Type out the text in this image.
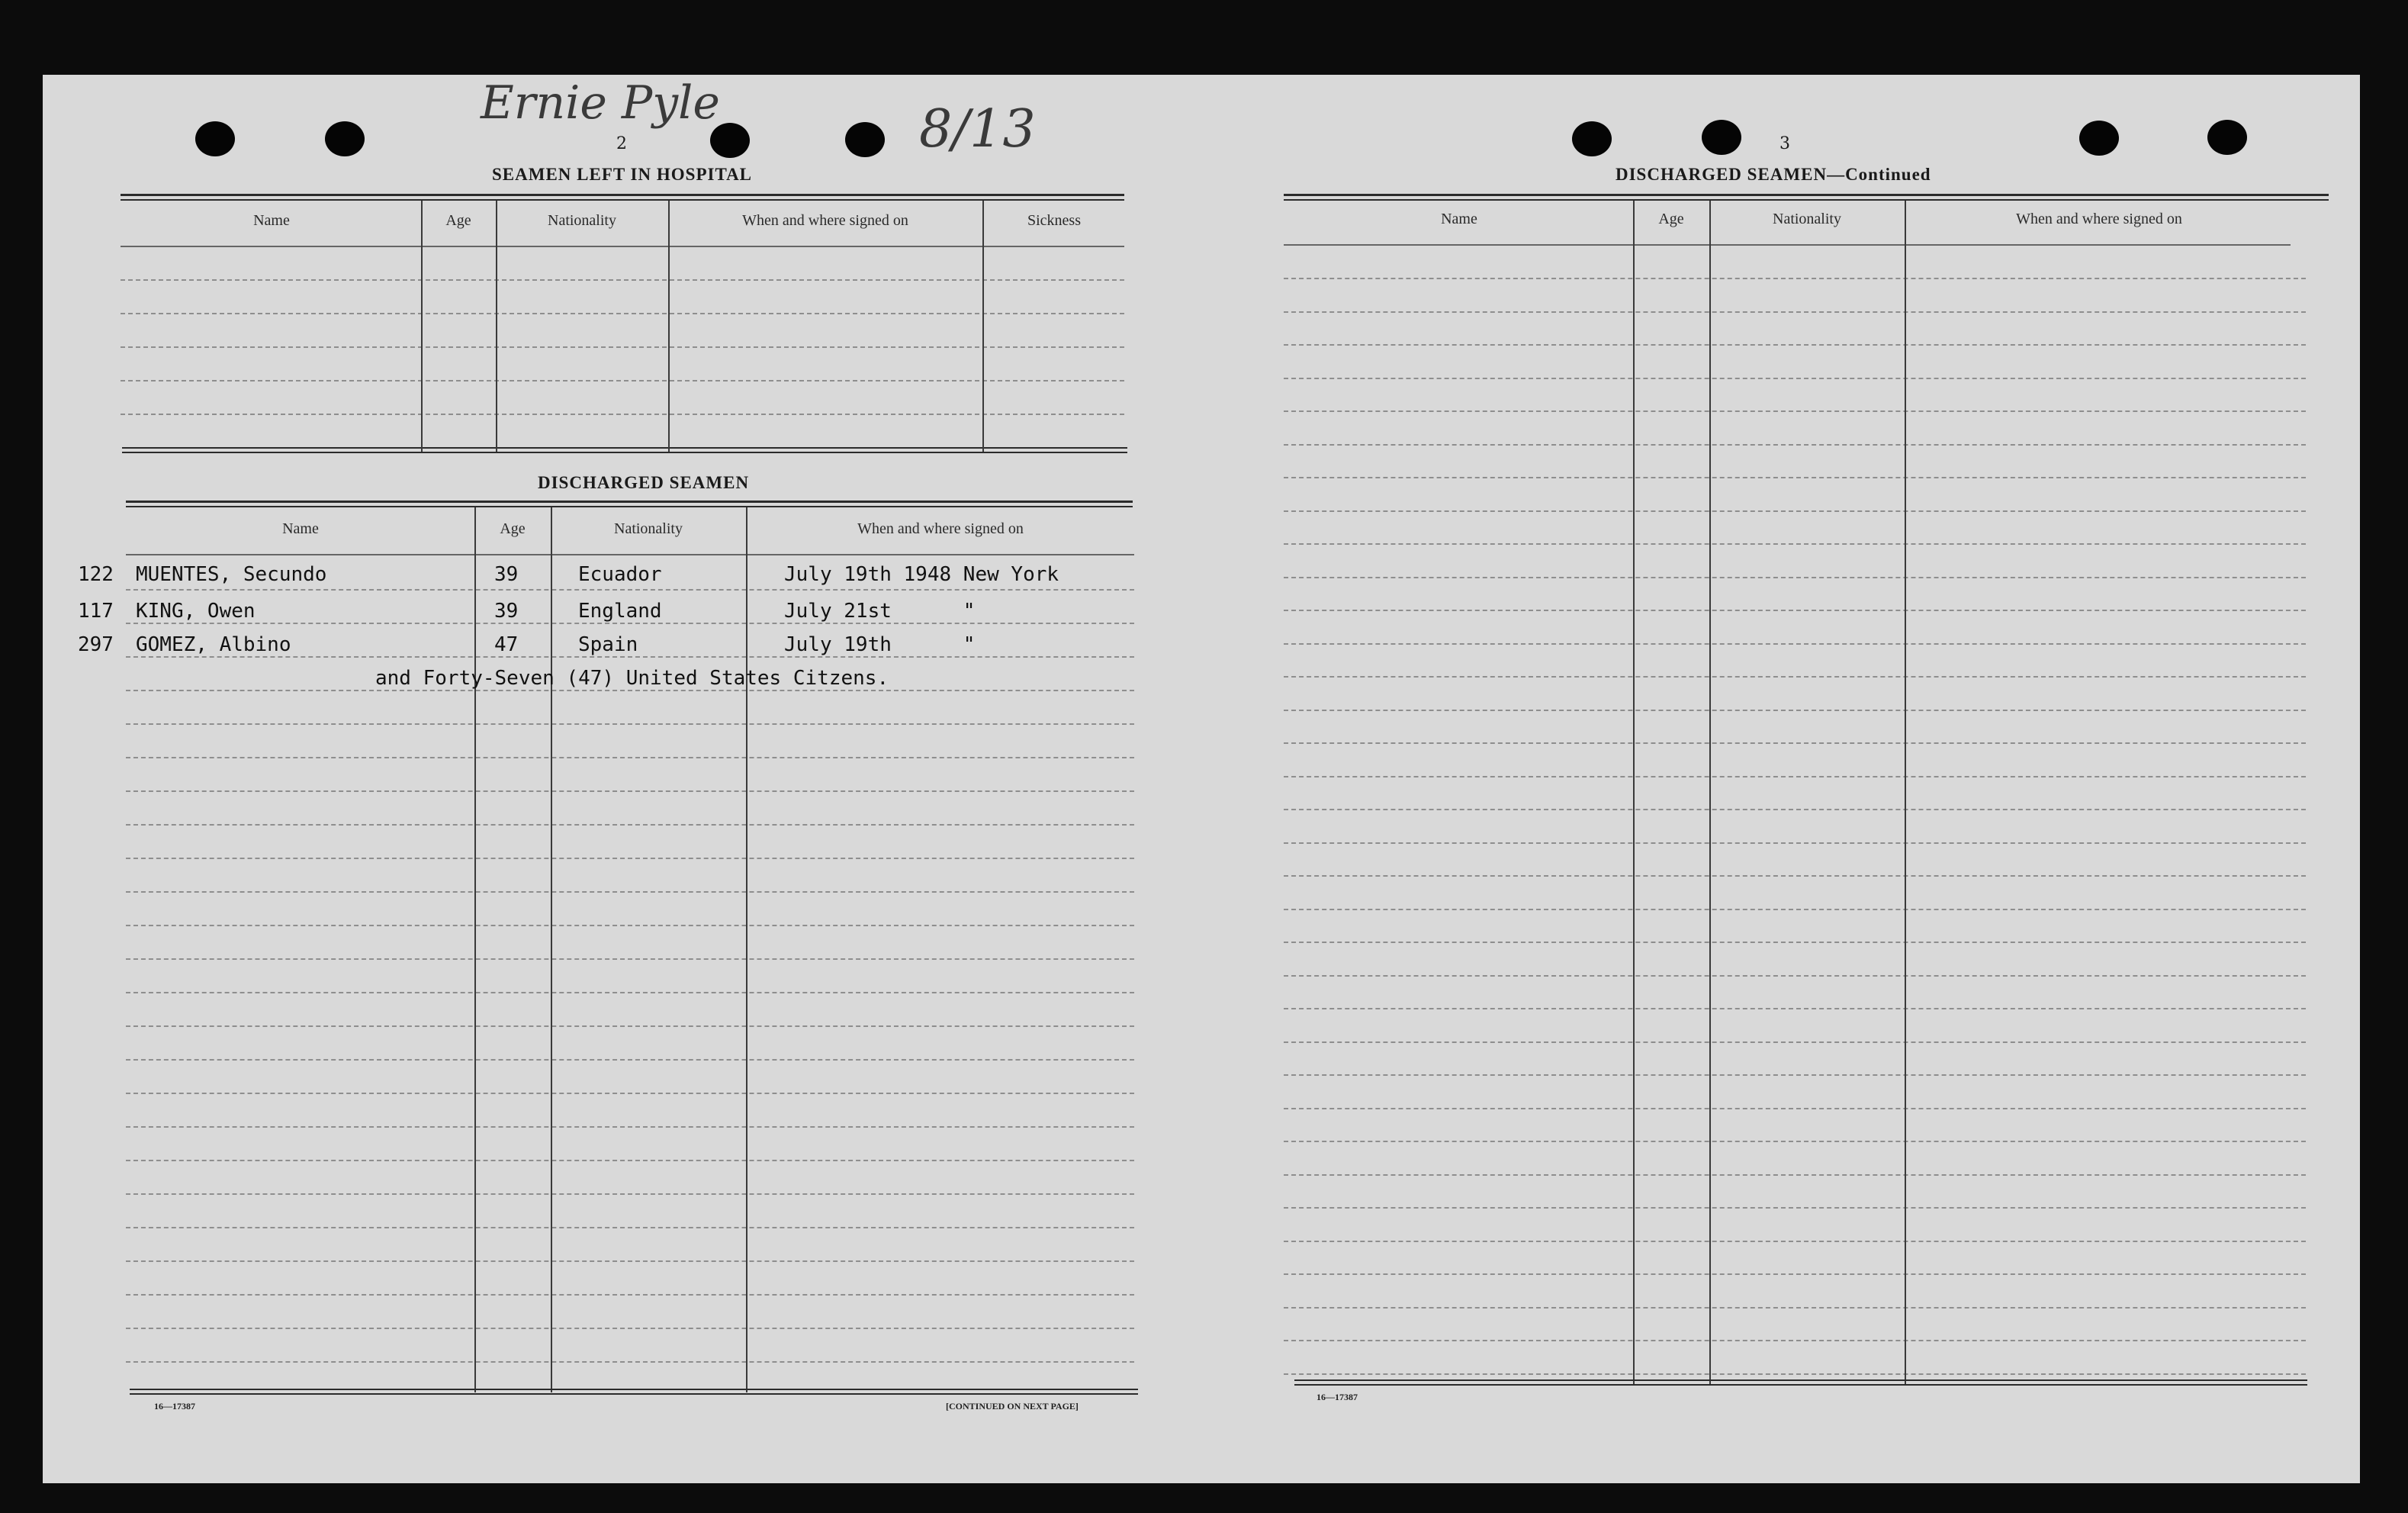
Ernie Pyle	8/13
2
SEAMEN LEFT IN HOSPITAL
Name	Age	Nationality	When and where signed on	Sickness
DISCHARGED SEAMEN
Name	Age	Nationality	When and where signed on
122 MUENTES, Secundo	39	Ecuador	July 19th 1948 New York
117 KING, Owen	39	England	July 21st      "
297 GOMEZ, Albino	47	Spain	July 19th      "
and Forty-Seven (47) United States Citzens.
16—17387	[CONTINUED ON NEXT PAGE]
3
DISCHARGED SEAMEN—Continued
Name	Age	Nationality	When and where signed on
16—17387
